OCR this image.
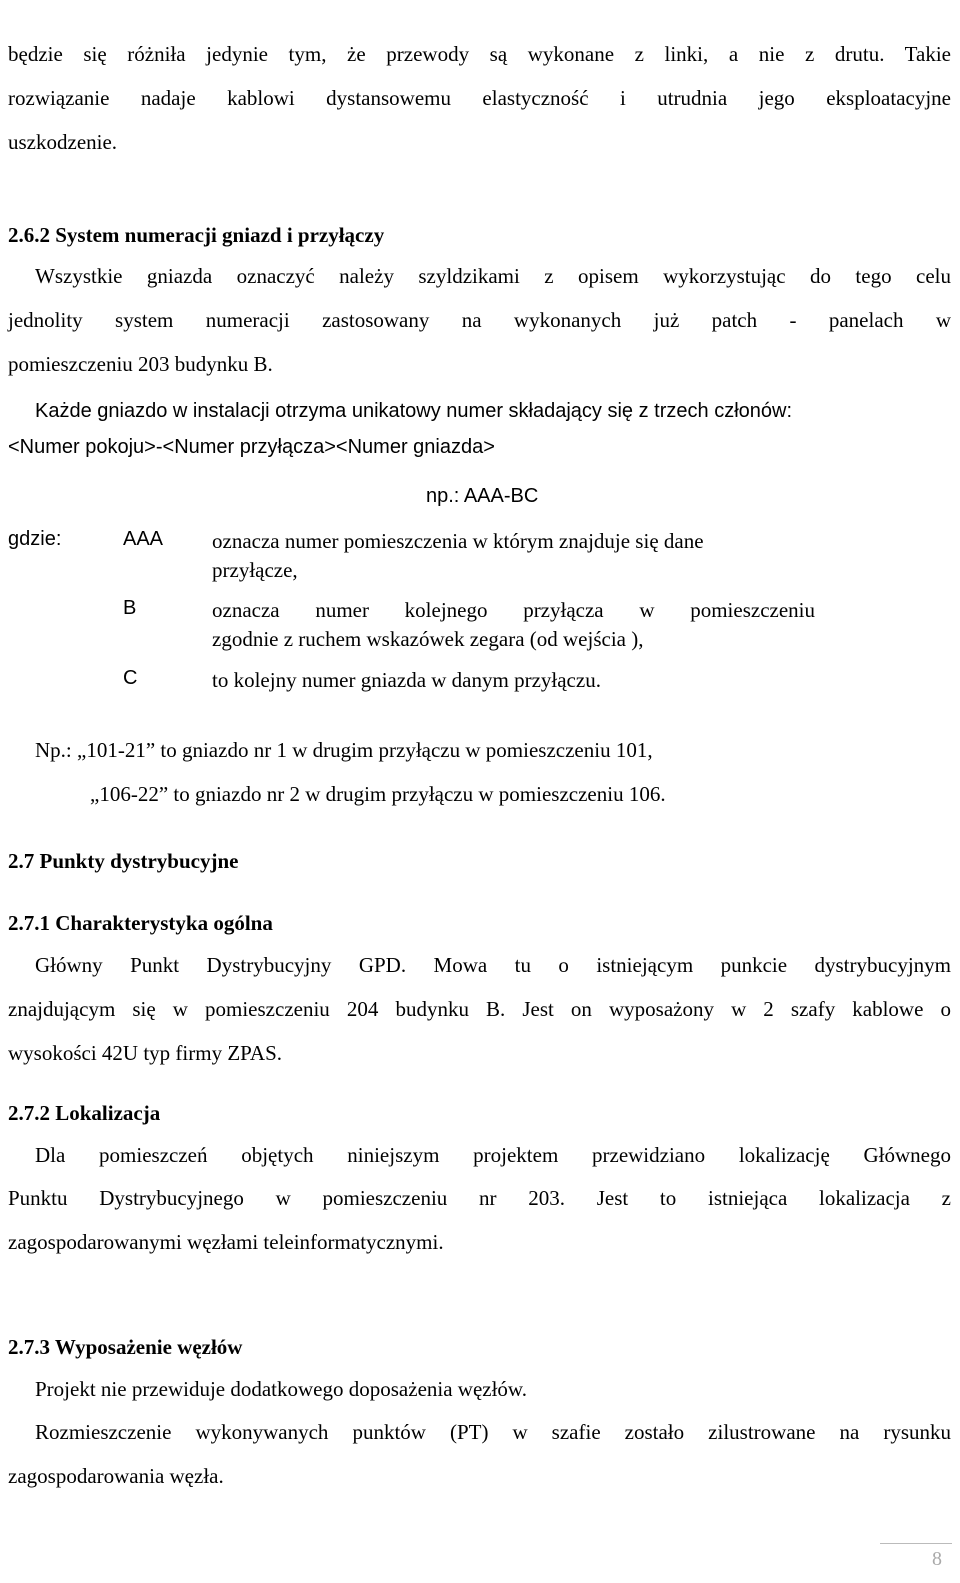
będzie się różniła jedynie tym, że przewody są wykonane z linki, a nie z drutu. Takie
rozwiązanie nadaje kablowi dystansowemu elastyczność i utrudnia jego eksploatacyjne
uszkodzenie.
2.6.2 System numeracji gniazd i przyłączy
Wszystkie gniazda oznaczyć należy szyldzikami z opisem wykorzystując do tego celu
jednolity system numeracji zastosowany na wykonanych już patch - panelach w
pomieszczeniu 203 budynku B.
Każde gniazdo w instalacji otrzyma unikatowy numer składający się z trzech członów:
<Numer pokoju>-<Numer przyłącza><Numer gniazda>
np.: AAA-BC
gdzie:	AAA oznacza numer pomieszczenia w którym znajduje się dane
przyłącze,
B	oznacza numer kolejnego przyłącza w pomieszczeniu
zgodnie z ruchem wskazówek zegara (od wejścia ),
C	to kolejny numer gniazda w danym przyłączu.
Np.: „101-21” to gniazdo nr 1 w drugim przyłączu w pomieszczeniu 101,
„106-22” to gniazdo nr 2 w drugim przyłączu w pomieszczeniu 106.
2.7 Punkty dystrybucyjne
2.7.1 Charakterystyka ogólna
Główny Punkt Dystrybucyjny GPD. Mowa tu o istniejącym punkcie dystrybucyjnym
znajdującym się w pomieszczeniu 204 budynku B. Jest on wyposażony w 2 szafy kablowe o
wysokości 42U typ firmy ZPAS.
2.7.2 Lokalizacja
Dla pomieszczeń objętych niniejszym projektem przewidziano lokalizację Głównego
Punktu Dystrybucyjnego w pomieszczeniu nr 203. Jest to istniejąca lokalizacja z
zagospodarowanymi węzłami teleinformatycznymi.
2.7.3 Wyposażenie węzłów
Projekt nie przewiduje dodatkowego doposażenia węzłów.
Rozmieszczenie wykonywanych punktów (PT) w szafie zostało zilustrowane na rysunku
zagospodarowania węzła.
8
